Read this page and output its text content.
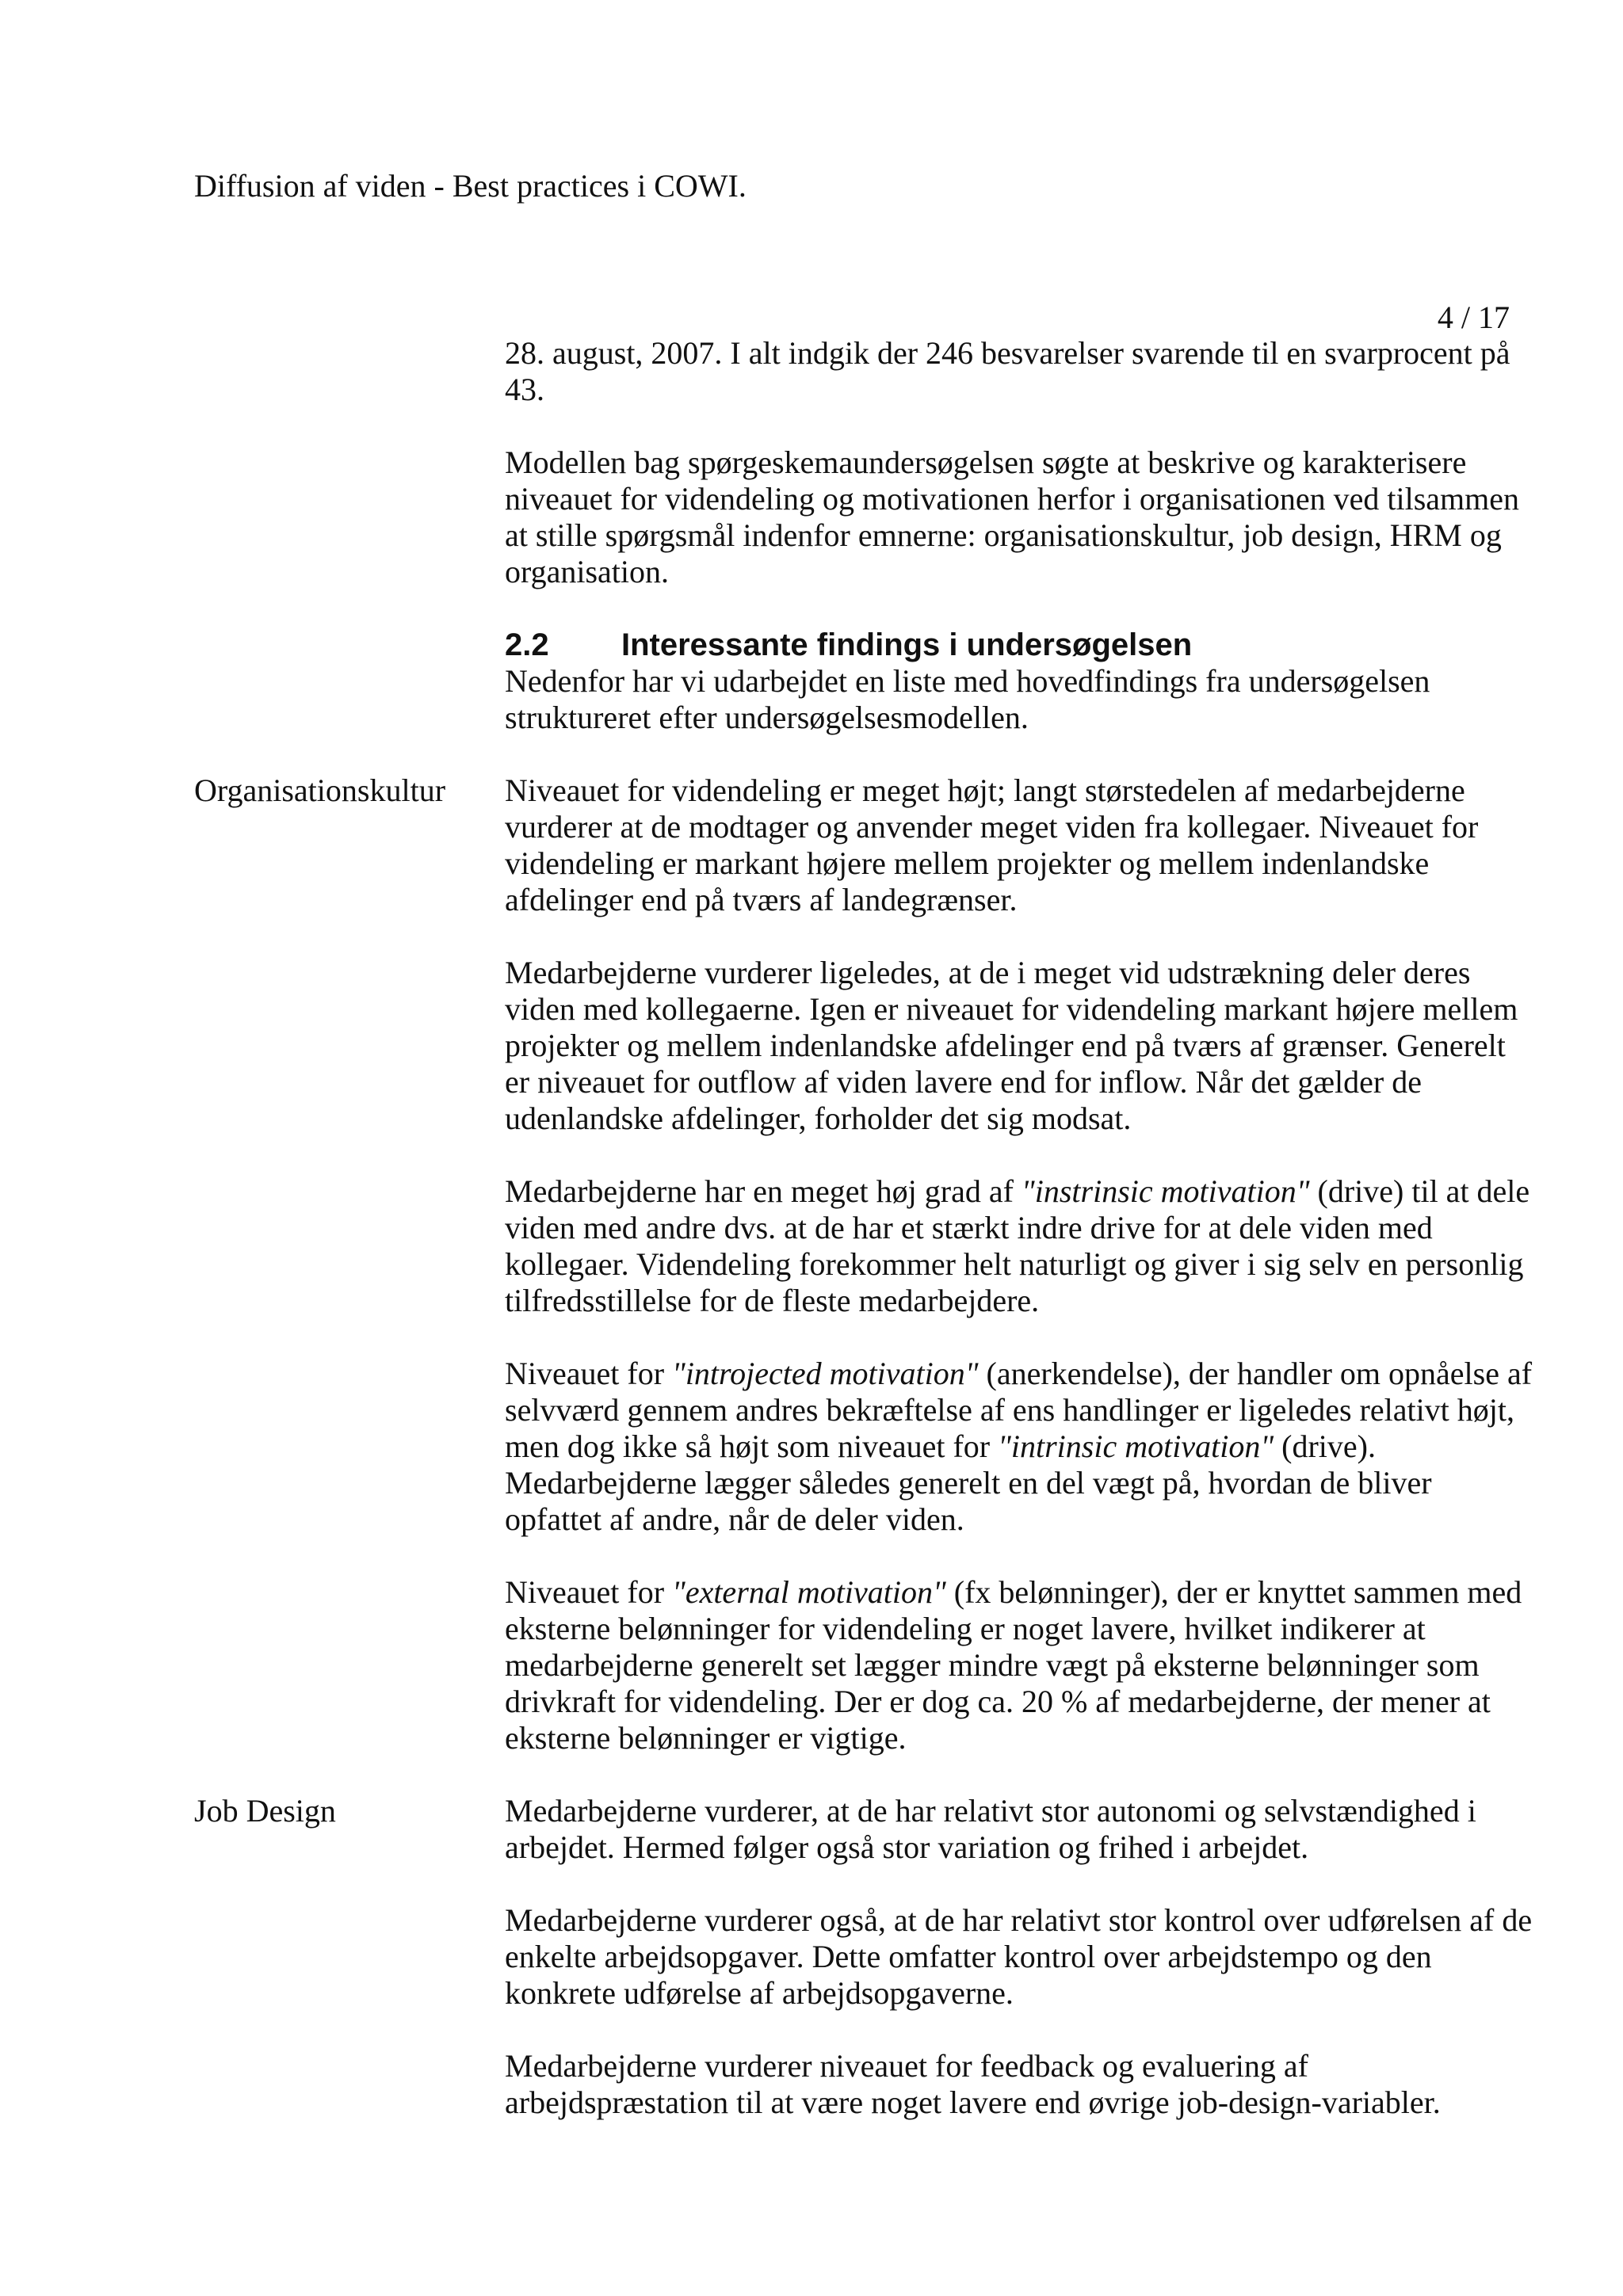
Diffusion af viden - Best practices i COWI.
4 / 17

28. august, 2007. I alt indgik der 246 besvarelser svarende til en svarprocent på 43.

Modellen bag spørgeskemaundersøgelsen søgte at beskrive og karakterisere niveauet for videndeling og motivationen herfor i organisationen ved tilsammen at stille spørgsmål indenfor emnerne: organisationskultur, job design, HRM og organisation.

2.2 Interessante findings i undersøgelsen

Nedenfor har vi udarbejdet en liste med hovedfindings fra undersøgelsen struktureret efter undersøgelsesmodellen.

Organisationskultur Niveauet for videndeling er meget højt; langt størstedelen af medarbejderne vurderer at de modtager og anvender meget viden fra kollegaer. Niveauet for videndeling er markant højere mellem projekter og mellem indenlandske afdelinger end på tværs af landegrænser.

Medarbejderne vurderer ligeledes, at de i meget vid udstrækning deler deres viden med kollegaerne. Igen er niveauet for videndeling markant højere mellem projekter og mellem indenlandske afdelinger end på tværs af grænser. Generelt er niveauet for outflow af viden lavere end for inflow. Når det gælder de udenlandske afdelinger, forholder det sig modsat.

Medarbejderne har en meget høj grad af "instrinsic motivation" (drive) til at dele viden med andre dvs. at de har et stærkt indre drive for at dele viden med kollegaer. Videndeling forekommer helt naturligt og giver i sig selv en personlig tilfredsstillelse for de fleste medarbejdere.

Niveauet for "introjected motivation" (anerkendelse), der handler om opnåelse af selvværd gennem andres bekræftelse af ens handlinger er ligeledes relativt højt, men dog ikke så højt som niveauet for "intrinsic motivation" (drive). Medarbejderne lægger således generelt en del vægt på, hvordan de bliver opfattet af andre, når de deler viden.

Niveauet for "external motivation" (fx belønninger), der er knyttet sammen med eksterne belønninger for videndeling er noget lavere, hvilket indikerer at medarbejderne generelt set lægger mindre vægt på eksterne belønninger som drivkraft for videndeling. Der er dog ca. 20 % af medarbejderne, der mener at eksterne belønninger er vigtige.

Job Design	Medarbejderne vurderer, at de har relativt stor autonomi og selvstændighed i arbejdet. Hermed følger også stor variation og frihed i arbejdet.

Medarbejderne vurderer også, at de har relativt stor kontrol over udførelsen af de enkelte arbejdsopgaver. Dette omfatter kontrol over arbejdstempo og den konkrete udførelse af arbejdsopgaverne.

Medarbejderne vurderer niveauet for feedback og evaluering af arbejdspræstation til at være noget lavere end øvrige job-design-variabler.
